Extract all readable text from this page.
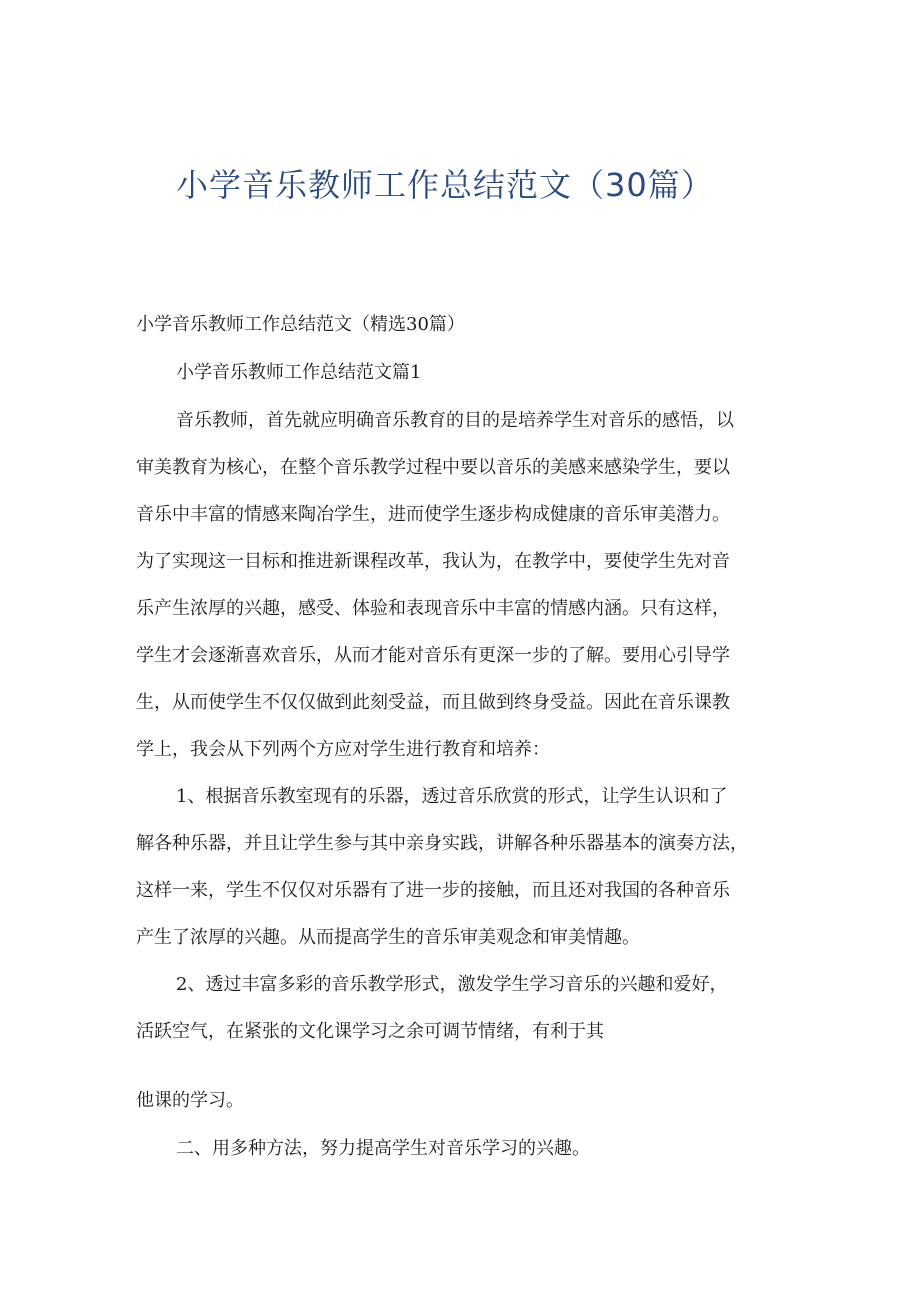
小学音乐教师工作总结范文（30篇）

小学音乐教师工作总结范文（精选30篇）

小学音乐教师工作总结范文篇1

音乐教师，首先就应明确音乐教育的目的是培养学生对音乐的感悟，以

审美教育为核心，在整个音乐教学过程中要以音乐的美感来感染学生，要以

音乐中丰富的情感来陶冶学生，进而使学生逐步构成健康的音乐审美潜力。

为了实现这一目标和推进新课程改革，我认为，在教学中，要使学生先对音

乐产生浓厚的兴趣，感受、体验和表现音乐中丰富的情感内涵。只有这样，

学生才会逐渐喜欢音乐，从而才能对音乐有更深一步的了解。要用心引导学

生，从而使学生不仅仅做到此刻受益，而且做到终身受益。因此在音乐课教

学上，我会从下列两个方应对学生进行教育和培养：

1、根据音乐教室现有的乐器，透过音乐欣赏的形式，让学生认识和了

解各种乐器，并且让学生参与其中亲身实践，讲解各种乐器基本的演奏方法，

这样一来，学生不仅仅对乐器有了进一步的接触，而且还对我国的各种音乐

产生了浓厚的兴趣。从而提高学生的音乐审美观念和审美情趣。

2、透过丰富多彩的音乐教学形式，激发学生学习音乐的兴趣和爱好，

活跃空气，在紧张的文化课学习之余可调节情绪，有利于其

他课的学习。

二、用多种方法，努力提高学生对音乐学习的兴趣。
